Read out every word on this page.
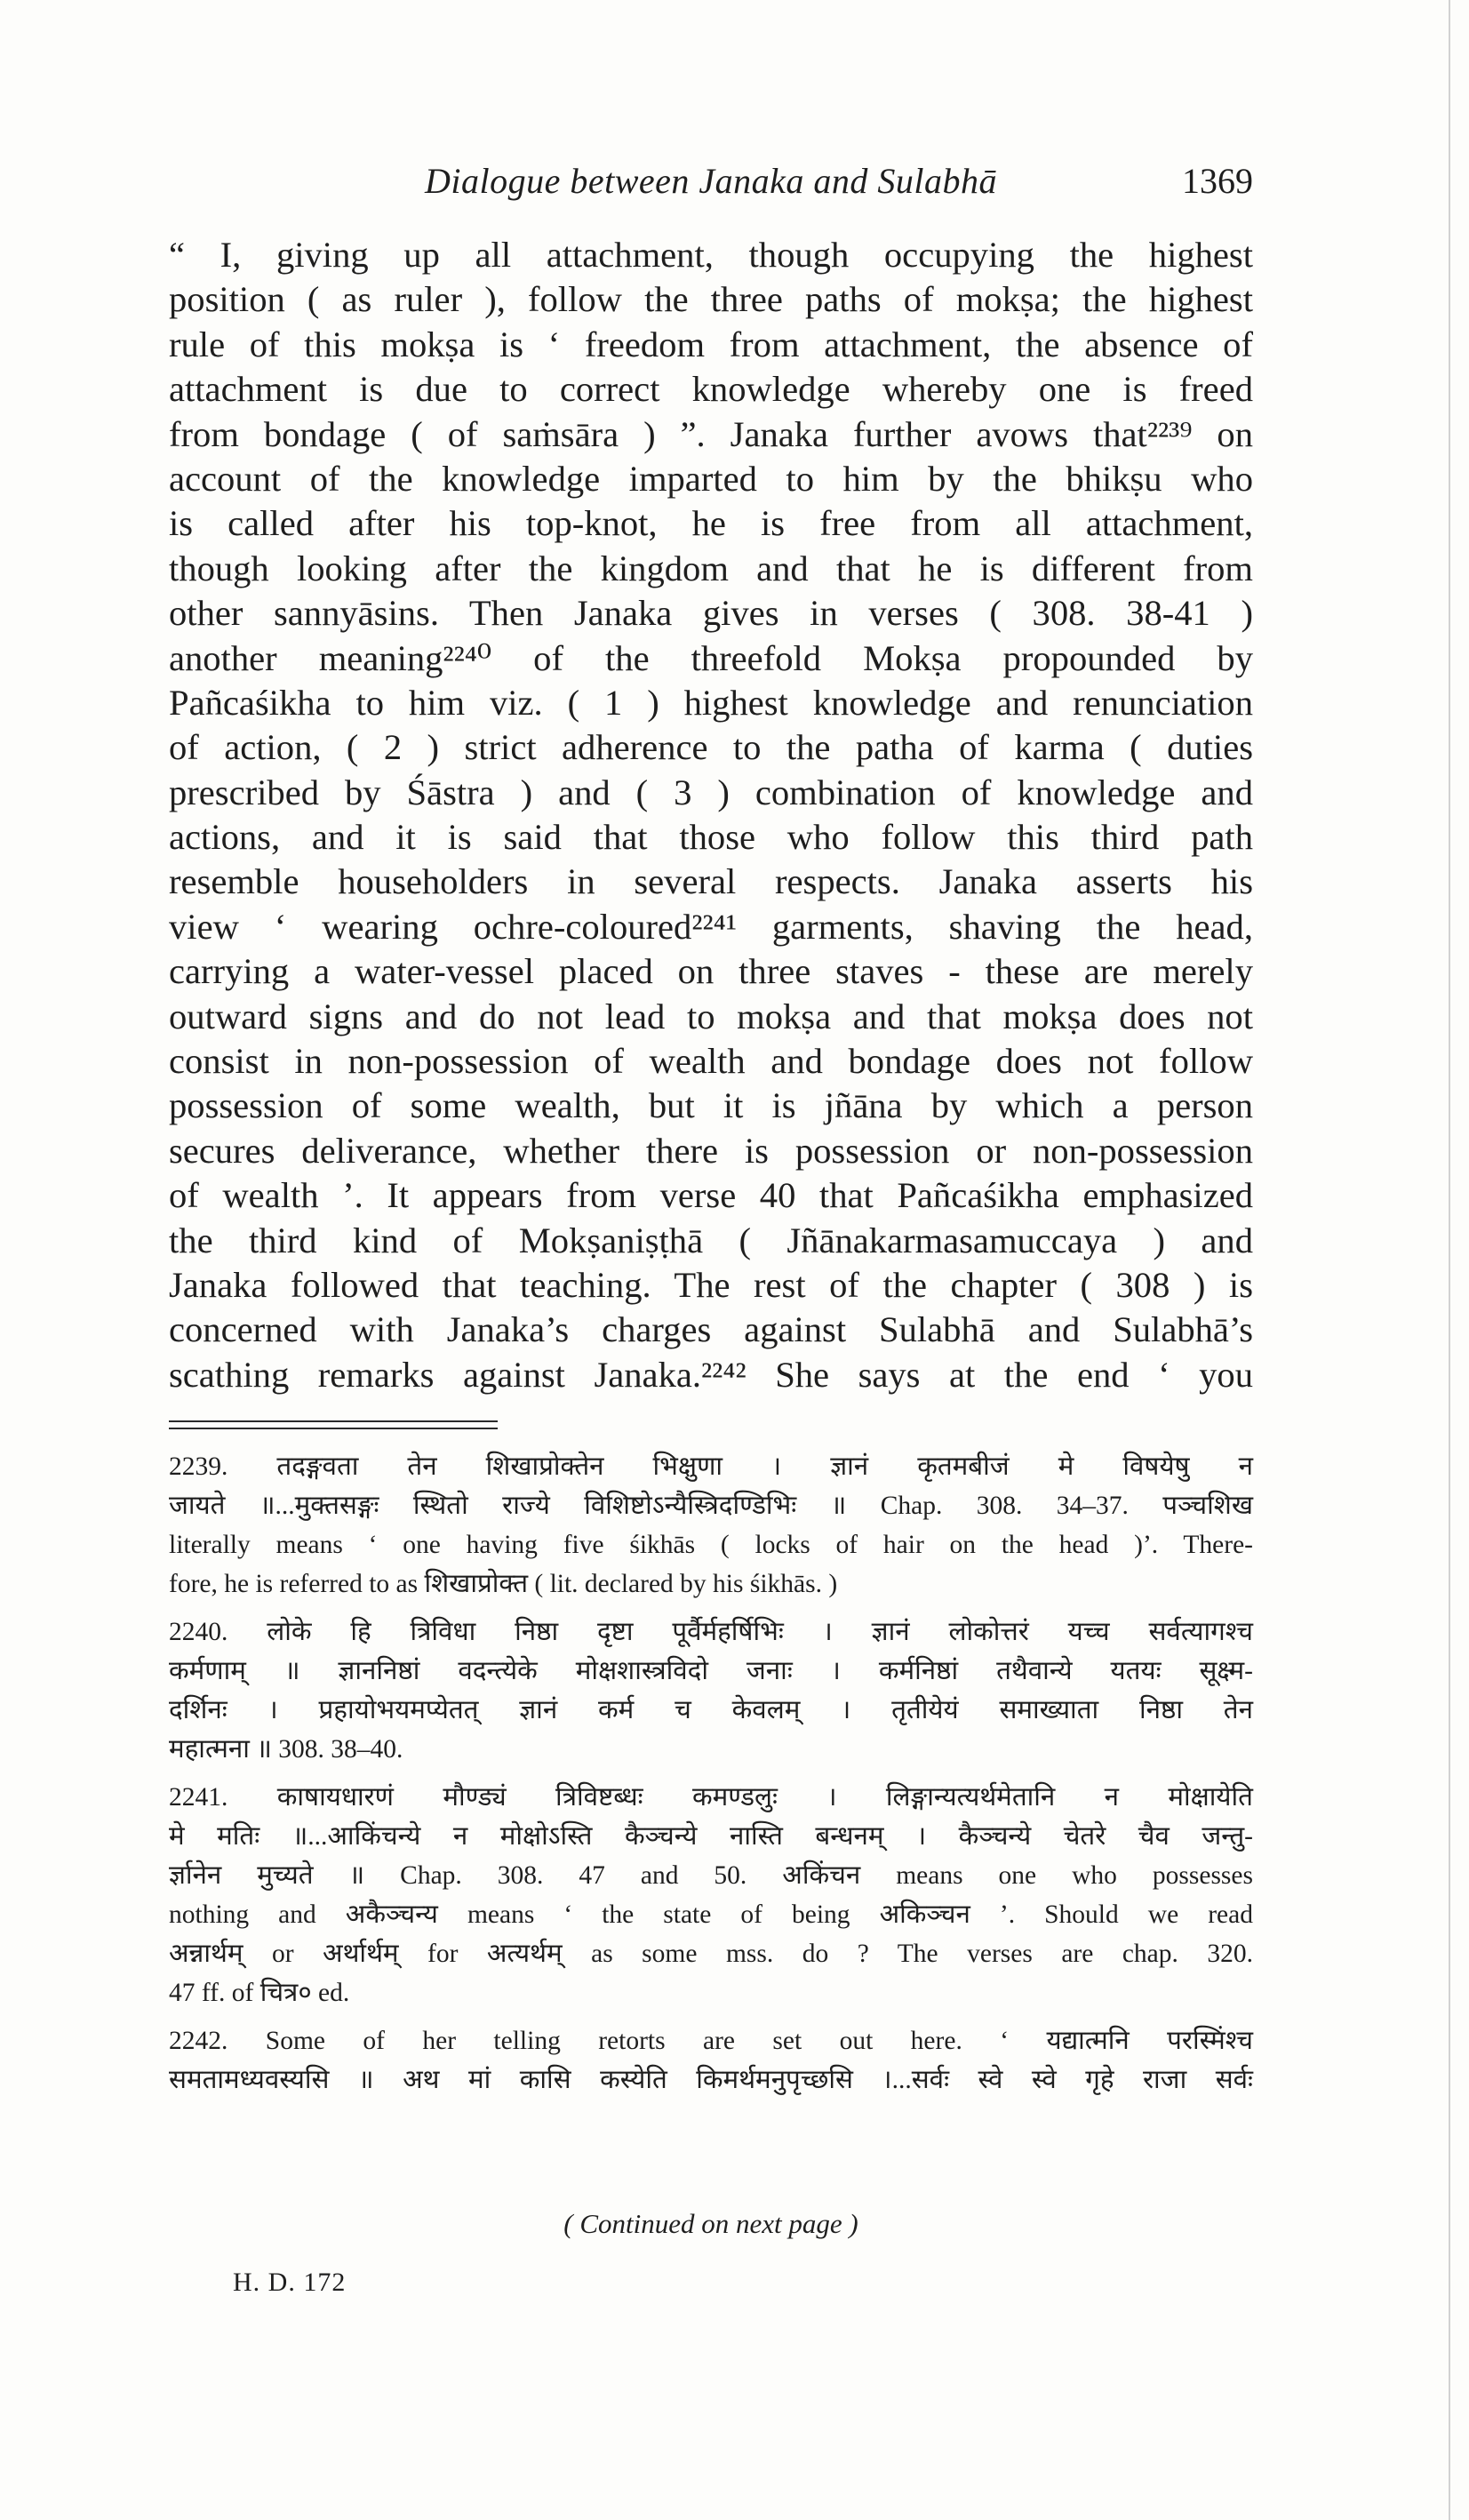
Dialogue between Janaka and Sulabhā	1369
“ I, giving up all attachment, though occupying the highest
position ( as ruler ), follow the three paths of mokṣa; the highest
rule of this mokṣa is ‘ freedom from attachment, the absence of
attachment is due to correct knowledge whereby one is freed
from bondage ( of saṁsāra ) ”. Janaka further avows that²²³⁹ on
account of the knowledge imparted to him by the bhikṣu who
is called after his top-knot, he is free from all attachment,
though looking after the kingdom and that he is different from
other sannyāsins. Then Janaka gives in verses ( 308. 38-41 )
another meaning²²⁴⁰ of the threefold Mokṣa propounded by
Pañcaśikha to him viz. ( 1 ) highest knowledge and renunciation
of action, ( 2 ) strict adherence to the patha of karma ( duties
prescribed by Śāstra ) and ( 3 ) combination of knowledge and
actions, and it is said that those who follow this third path
resemble householders in several respects. Janaka asserts his
view ‘ wearing ochre-coloured²²⁴¹ garments, shaving the head,
carrying a water-vessel placed on three staves - these are merely
outward signs and do not lead to mokṣa and that mokṣa does not
consist in non-possession of wealth and bondage does not follow
possession of some wealth, but it is jñāna by which a person
secures deliverance, whether there is possession or non-possession
of wealth ’. It appears from verse 40 that Pañcaśikha emphasized
the third kind of Mokṣaniṣṭhā ( Jñānakarmasamuccaya ) and
Janaka followed that teaching. The rest of the chapter ( 308 ) is
concerned with Janaka’s charges against Sulabhā and Sulabhā’s
scathing remarks against Janaka.²²⁴² She says at the end ‘ you
2239. तदङ्गवता तेन शिखाप्रोक्तेन भिक्षुणा । ज्ञानं कृतमबीजं मे विषयेषु न
जायते ॥...मुक्तसङ्गः स्थितो राज्ये विशिष्टोऽन्यैस्त्रिदण्डिभिः ॥ Chap. 308. 34–37. पञ्चशिख
literally means ‘ one having five śikhās ( locks of hair on the head )’. There-
fore, he is referred to as शिखाप्रोक्त ( lit. declared by his śikhās. )
2240. लोके हि त्रिविधा निष्ठा दृष्टा पूर्वैर्महर्षिभिः । ज्ञानं लोकोत्तरं यच्च सर्वत्यागश्च
कर्मणाम् ॥ ज्ञाननिष्ठां वदन्त्येके मोक्षशास्त्रविदो जनाः । कर्मनिष्ठां तथैवान्ये यतयः सूक्ष्म-
दर्शिनः । प्रहायोभयमप्येतत् ज्ञानं कर्म च केवलम् । तृतीयेयं समाख्याता निष्ठा तेन
महात्मना ॥ 308. 38–40.
2241. काषायधारणं मौण्ड्यं त्रिविष्टब्धः कमण्डलुः । लिङ्गान्यत्यर्थमेतानि न मोक्षायेति
मे मतिः ॥...आकिंचन्ये न मोक्षोऽस्ति कैञ्चन्ये नास्ति बन्धनम् । कैञ्चन्ये चेतरे चैव जन्तु-
र्ज्ञानेन मुच्यते ॥ Chap. 308. 47 and 50. अकिंचन means one who possesses
nothing and अकैञ्चन्य means ‘ the state of being अकिञ्चन ’. Should we read
अन्नार्थम् or अर्थार्थम् for अत्यर्थम् as some mss. do ? The verses are chap. 320.
47 ff. of चित्र० ed.
2242. Some of her telling retorts are set out here. ‘ यद्यात्मनि परस्मिंश्च
समतामध्यवस्यसि ॥ अथ मां कासि कस्येति किमर्थमनुपृच्छसि ।...सर्वः स्वे स्वे गृहे राजा सर्वः
( Continued on next page )
H. D. 172
